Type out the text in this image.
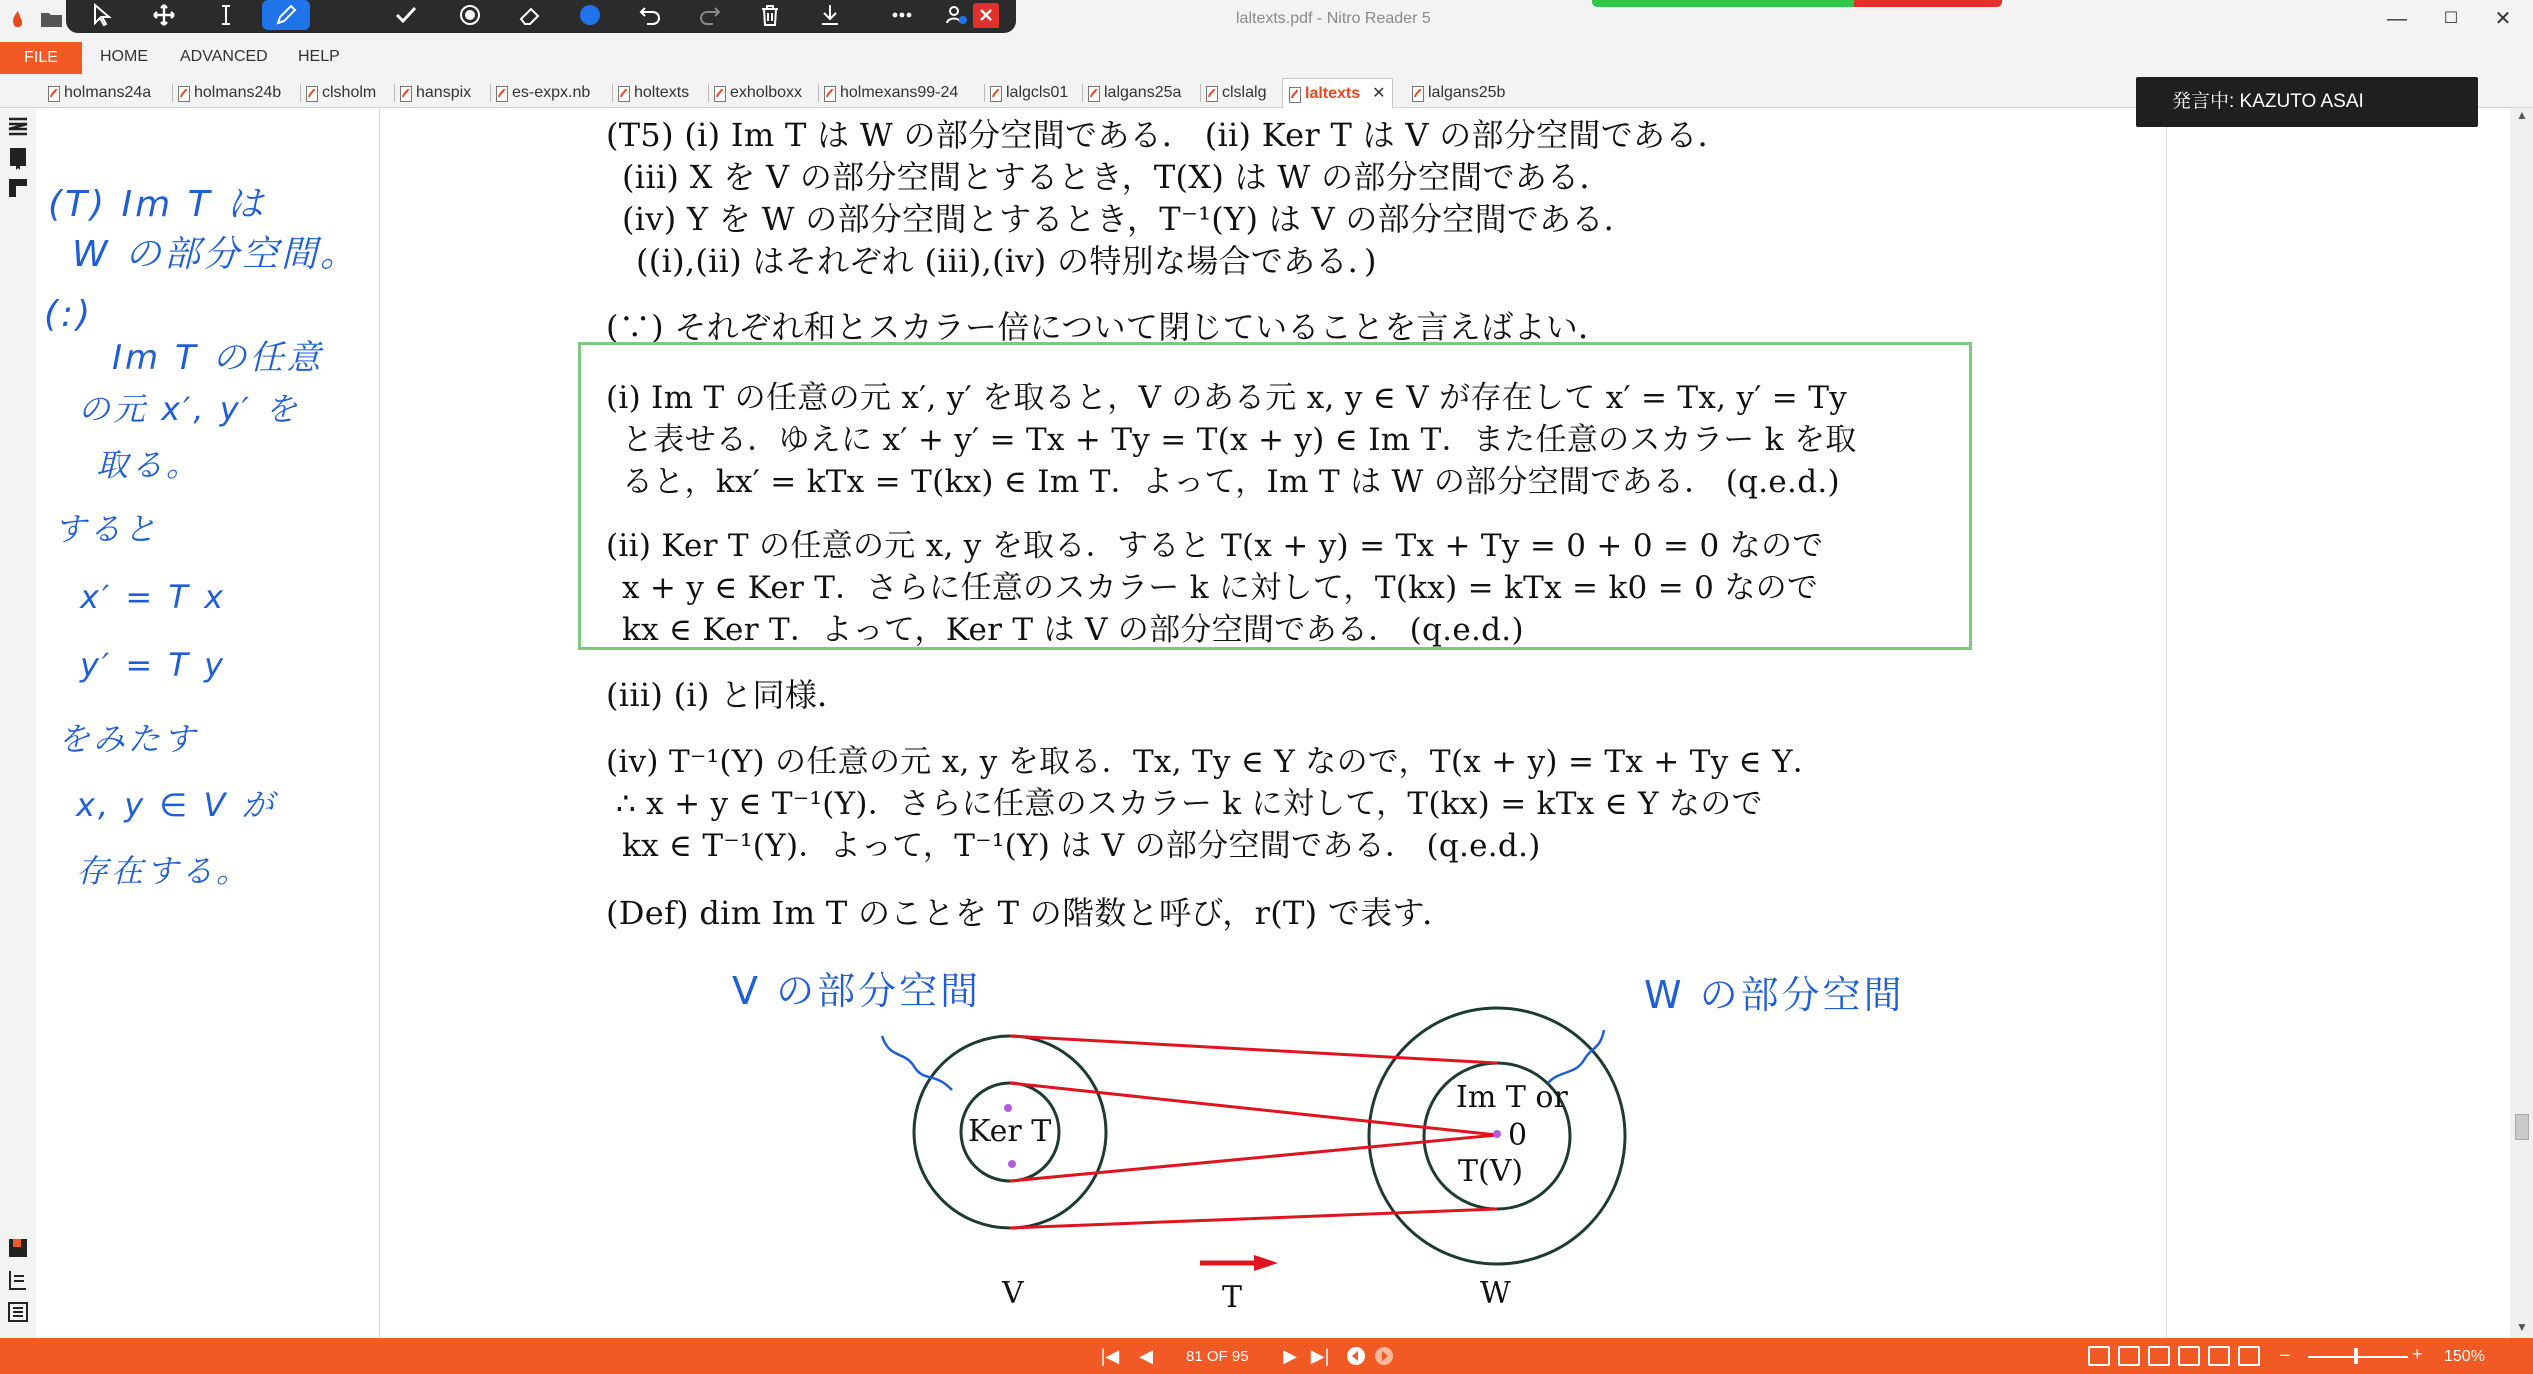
laltexts.pdf - Nitro Reader 5	—	☐	✕
FILE	HOME ADVANCED HELP
holmans24a	holmans24b	clsholm	hanspix	es-expx.nb	holtexts	exholboxx	holmexans99-24	lalgcls01	lalgans25a	clslalg	laltexts ✕	lalgans25b
(T) Im T は
W の部分空間。
(:)
Im T の任意
の元 x′, y′ を
取る。
すると
x′ = T x
y′ = T y
をみたす
x, y ∈ V が
存在する。
(T5) (i) Im T は W の部分空間である． (ii) Ker T は V の部分空間である．
(iii) X を V の部分空間とするとき，T(X) は W の部分空間である．
(iv) Y を W の部分空間とするとき，T⁻¹(Y) は V の部分空間である．
((i),(ii) はそれぞれ (iii),(iv) の特別な場合である．)
(∵) それぞれ和とスカラー倍について閉じていることを言えばよい．
(i) Im T の任意の元 x′, y′ を取ると，V のある元 x, y ∈ V が存在して x′ = Tx, y′ = Ty
と表せる．ゆえに x′ + y′ = Tx + Ty = T(x + y) ∈ Im T．また任意のスカラー k を取
ると，kx′ = kTx = T(kx) ∈ Im T．よって，Im T は W の部分空間である． (q.e.d.)
(ii) Ker T の任意の元 x, y を取る．すると T(x + y) = Tx + Ty = 0 + 0 = 0 なので
x + y ∈ Ker T．さらに任意のスカラー k に対して，T(kx) = kTx = k0 = 0 なので
kx ∈ Ker T．よって，Ker T は V の部分空間である． (q.e.d.)
(iii) (i) と同様．
(iv) T⁻¹(Y) の任意の元 x, y を取る．Tx, Ty ∈ Y なので，T(x + y) = Tx + Ty ∈ Y．
∴ x + y ∈ T⁻¹(Y)．さらに任意のスカラー k に対して，T(kx) = kTx ∈ Y なので
kx ∈ T⁻¹(Y)．よって，T⁻¹(Y) は V の部分空間である． (q.e.d.)
(Def) dim Im T のことを T の階数と呼び，r(T) で表す．
Ker T
Im T or
0
T(V)
V	W
T
V の部分空間	W の部分空間
発言中: KAZUTO ASAI
▲
▼
|◀ ◀	81 OF 95 ▶ ▶|	–	+ 150%
